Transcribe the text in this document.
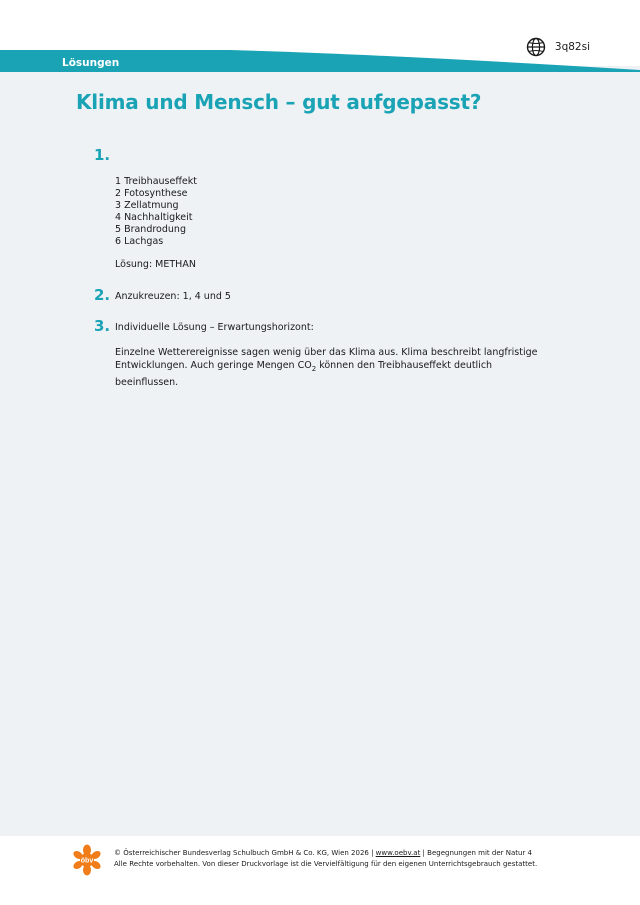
3q82si
Lösungen
Klima und Mensch – gut aufgepasst?
1.
1 Treibhauseffekt
2 Fotosynthese
3 Zellatmung
4 Nachhaltigkeit
5 Brandrodung
6 Lachgas
Lösung: METHAN
2. Anzukreuzen: 1, 4 und 5
3. Individuelle Lösung – Erwartungshorizont:
Einzelne Wetterereignisse sagen wenig über das Klima aus. Klima beschreibt langfristige Entwicklungen. Auch geringe Mengen $CO_2$ können den Treibhauseffekt deutlich beeinflussen.
öbv
© Österreichischer Bundesverlag Schulbuch GmbH & Co. KG, Wien 2026 | www.oebv.at | Begegnungen mit der Natur 4
Alle Rechte vorbehalten. Von dieser Druckvorlage ist die Vervielfältigung für den eigenen Unterrichtsgebrauch gestattet.
